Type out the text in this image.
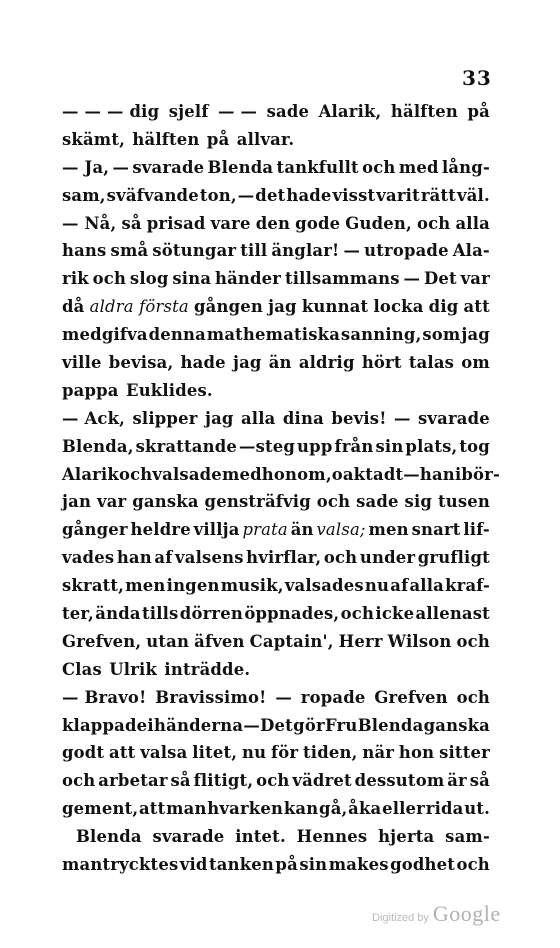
33
— — — dig sjelf — — sade Alarik, hälften på
skämt, hälften på allvar.
— Ja, — svarade Blenda tankfullt och med lång-
sam, sväfvande ton, — det hade visst varit rätt väl.
— Nå, så prisad vare den gode Guden, och alla
hans små sötungar till änglar! — utropade Ala-
rik och slog sina händer tillsammans — Det var
då aldra första gången jag kunnat locka dig att
medgifva denna mathematiska sanning, som jag
ville bevisa, hade jag än aldrig hört talas om
pappa Euklides.
— Ack, slipper jag alla dina bevis! — svarade
Blenda, skrattande —steg upp från sin plats, tog
Alarik och valsade med honom, oaktadt — han i bör-
jan var ganska gensträfvig och sade sig tusen
gånger heldre villja prata än valsa; men snart lif-
vades han af valsens hvirflar, och under grufligt
skratt, men ingen musik, valsades nu af alla kraf-
ter, ända tills dörren öppnades, och icke allenast
Grefven, utan äfven Captain', Herr Wilson och
Clas Ulrik inträdde.
— Bravo! Bravissimo! — ropade Grefven och
klappade i händerna — Det gör Fru Blenda ganska
godt att valsa litet, nu för tiden, när hon sitter
och arbetar så flitigt, och vädret dessutom är så
gement, att man hvarken kan gå, åka eller rida ut.
Blenda svarade intet. Hennes hjerta sam-
mantrycktes vid tanken på sin makes godhet och
Digitized by Google
